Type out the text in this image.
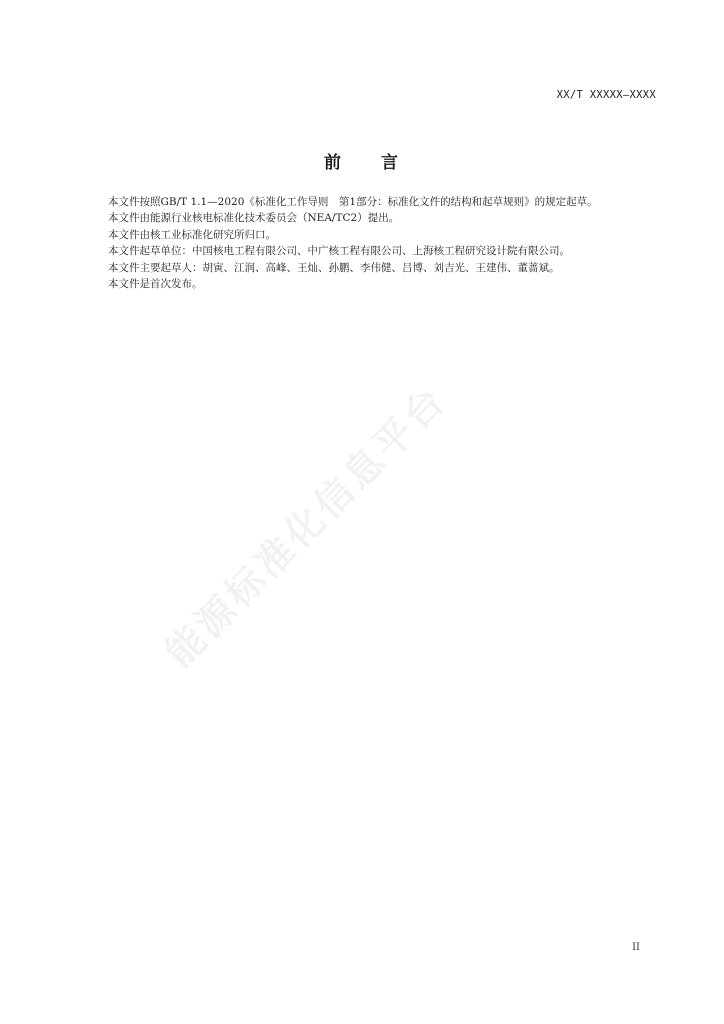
XX/T XXXXX—XXXX
前 言

本文件按照GB/T 1.1—2020《标准化工作导则　第1部分：标准化文件的结构和起草规则》的规定起草。

本文件由能源行业核电标准化技术委员会（NEA/TC2）提出。

本文件由核工业标准化研究所归口。

本文件起草单位：中国核电工程有限公司、中广核工程有限公司、上海核工程研究设计院有限公司。

本文件主要起草人：胡寅、江润、高峰、王灿、孙鹏、李伟健、吕博、刘吉光、王建伟、董蔷斌。

本文件是首次发布。

能源标准化信息平台
II
